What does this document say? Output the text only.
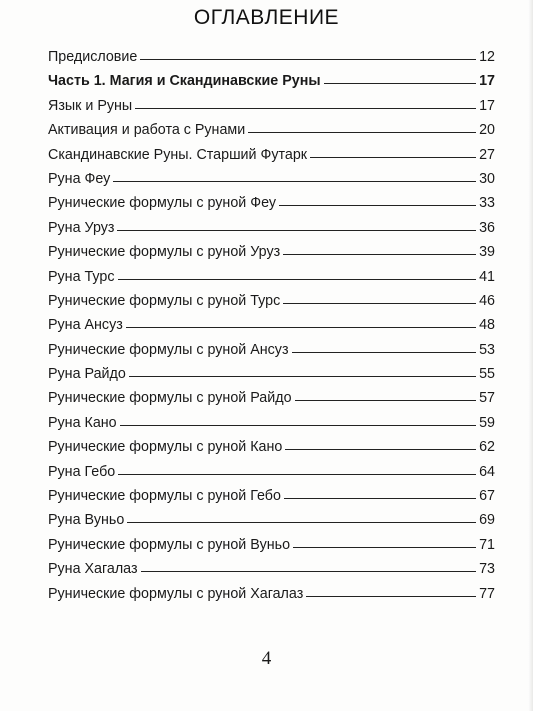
ОГЛАВЛЕНИЕ
Предисловие	12
Часть 1. Магия и Скандинавские Руны	17
Язык и Руны	17
Активация и работа с Рунами	20
Скандинавские Руны. Старший Футарк	27
Руна Феу	30
Рунические формулы с руной Феу	33
Руна Уруз	36
Рунические формулы с руной Уруз	39
Руна Турс	41
Рунические формулы с руной Турс	46
Руна Ансуз	48
Рунические формулы с руной Ансуз	53
Руна Райдо	55
Рунические формулы с руной Райдо	57
Руна Кано	59
Рунические формулы с руной Кано	62
Руна Гебо	64
Рунические формулы с руной Гебо	67
Руна Вуньо	69
Рунические формулы с руной Вуньо	71
Руна Хагалаз	73
Рунические формулы с руной Хагалаз	77
4
